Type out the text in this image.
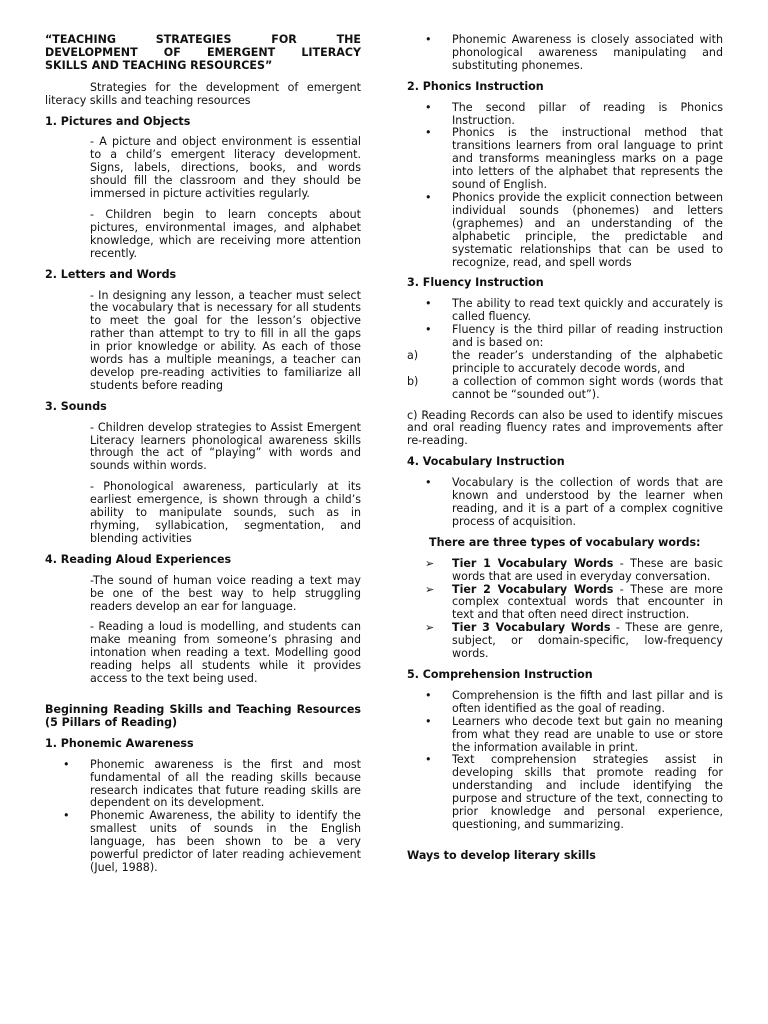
“TEACHING STRATEGIES FOR THE
DEVELOPMENT OF EMERGENT LITERACY
SKILLS AND TEACHING RESOURCES”

Strategies for the development of emergent literacy skills and teaching resources

1. Pictures and Objects

- A picture and object environment is essential to a child’s emergent literacy development. Signs, labels, directions, books, and words should fill the classroom and they should be immersed in picture activities regularly.

- Children begin to learn concepts about pictures, environmental images, and alphabet knowledge, which are receiving more attention recently.

2. Letters and Words

- In designing any lesson, a teacher must select the vocabulary that is necessary for all students to meet the goal for the lesson’s objective rather than attempt to try to fill in all the gaps in prior knowledge or ability. As each of those words has a multiple meanings, a teacher can develop pre-reading activities to familiarize all students before reading

3. Sounds

- Children develop strategies to Assist Emergent Literacy learners phonological awareness skills through the act of “playing” with words and sounds within words.

- Phonological awareness, particularly at its earliest emergence, is shown through a child’s ability to manipulate sounds, such as in rhyming, syllabication, segmentation, and blending activities

4. Reading Aloud Experiences

-The sound of human voice reading a text may be one of the best way to help struggling readers develop an ear for language.

- Reading a loud is modelling, and students can make meaning from someone’s phrasing and intonation when reading a text. Modelling good reading helps all students while it provides access to the text being used.

Beginning Reading Skills and Teaching Resources (5 Pillars of Reading)
1. Phonemic Awareness
• Phonemic awareness is the first and most fundamental of all the reading skills because research indicates that future reading skills are dependent on its development.
• Phonemic Awareness, the ability to identify the smallest units of sounds in the English language, has been shown to be a very powerful predictor of later reading achievement (Juel, 1988).
• Phonemic Awareness is closely associated with phonological awareness manipulating and substituting phonemes.
2. Phonics Instruction
• The second pillar of reading is Phonics Instruction.
• Phonics is the instructional method that transitions learners from oral language to print and transforms meaningless marks on a page into letters of the alphabet that represents the sound of English.
• Phonics provide the explicit connection between individual sounds (phonemes) and letters (graphemes) and an understanding of the alphabetic principle, the predictable and systematic relationships that can be used to recognize, read, and spell words
3. Fluency Instruction
• The ability to read text quickly and accurately is called fluency.
• Fluency is the third pillar of reading instruction and is based on:
a)	the reader’s understanding of the alphabetic principle to accurately decode words, and
b)	a collection of common sight words (words that cannot be “sounded out”).

c) Reading Records can also be used to identify miscues and oral reading fluency rates and improvements after re-reading.

4. Vocabulary Instruction
• Vocabulary is the collection of words that are known and understood by the learner when reading, and it is a part of a complex cognitive process of acquisition.

There are three types of vocabulary words:

➢ Tier 1 Vocabulary Words - These are basic words that are used in everyday conversation.
➢ Tier 2 Vocabulary Words - These are more complex contextual words that encounter in text and that often need direct instruction.
➢ Tier 3 Vocabulary Words - These are genre, subject, or domain-specific, low-frequency words.
5. Comprehension Instruction
• Comprehension is the fifth and last pillar and is often identified as the goal of reading.
• Learners who decode text but gain no meaning from what they read are unable to use or store the information available in print.
• Text comprehension strategies assist in developing skills that promote reading for understanding and include identifying the purpose and structure of the text, connecting to prior knowledge and personal experience, questioning, and summarizing.
Ways to develop literary skills
